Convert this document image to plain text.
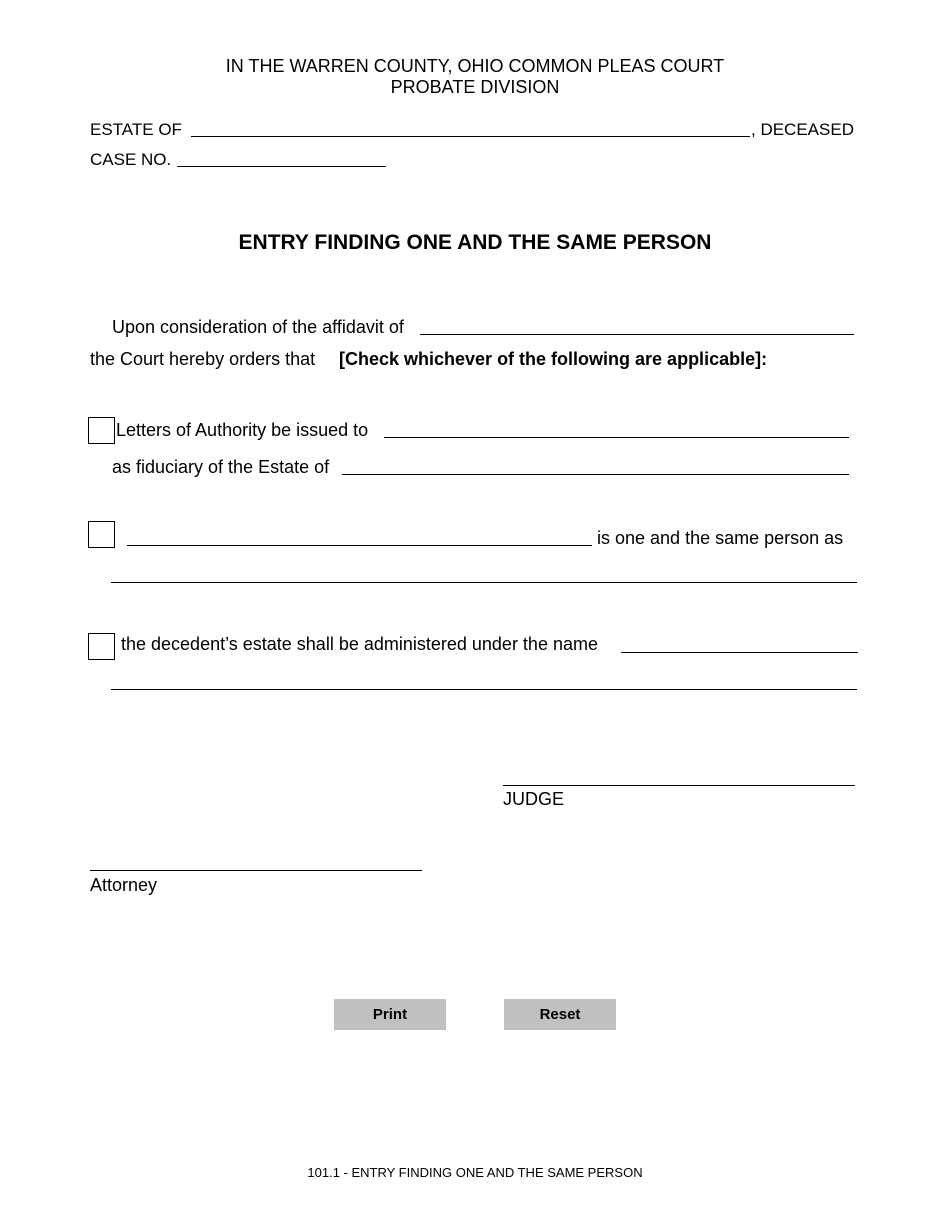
IN THE WARREN COUNTY, OHIO COMMON PLEAS COURT
PROBATE DIVISION
ESTATE OF	, DECEASED
CASE NO.
ENTRY FINDING ONE AND THE SAME PERSON
Upon consideration of the affidavit of
the Court hereby orders that [Check whichever of the following are applicable]:
Letters of Authority be issued to
as fiduciary of the Estate of
is one and the same person as
the decedent’s estate shall be administered under the name
JUDGE
Attorney
Print	Reset
101.1 - ENTRY FINDING ONE AND THE SAME PERSON
